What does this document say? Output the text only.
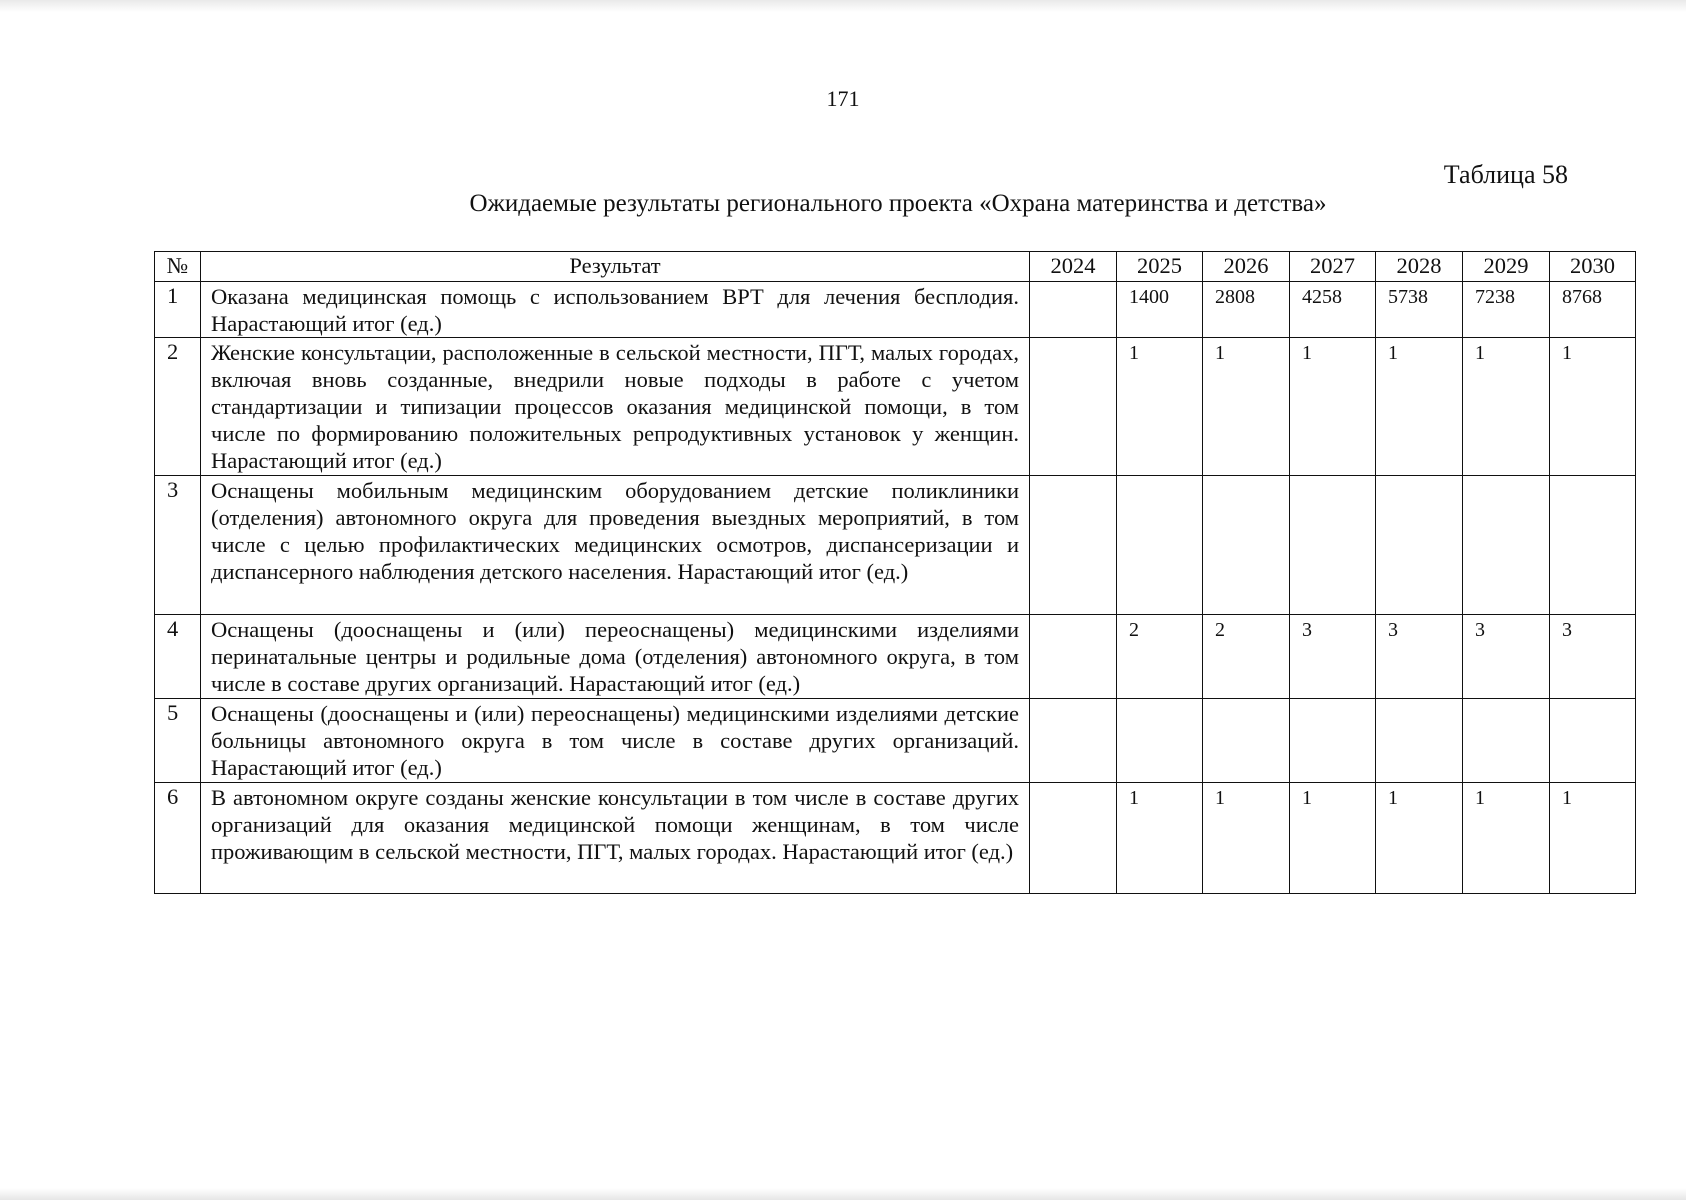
171
Таблица 58
Ожидаемые результаты регионального проекта «Охрана материнства и детства»
№	Результат	2024	2025	2026	2027	2028	2029	2030
1	Оказана медицинская помощь с использованием ВРТ для лечения бесплодия. Нарастающий итог (ед.)		1400	2808	4258	5738	7238	8768
2	Женские консультации, расположенные в сельской местности, ПГТ, малых городах, включая вновь созданные, внедрили новые подходы в работе с учетом стандартизации и типизации процессов оказания медицинской помощи, в том числе по формированию положительных репродуктивных установок у женщин. Нарастающий итог (ед.)		1	1	1	1	1	1
3	Оснащены мобильным медицинским оборудованием детские поликлиники (отделения) автономного округа для проведения выездных мероприятий, в том числе с целью профилактических медицинских осмотров, диспансеризации и диспансерного наблюдения детского населения. Нарастающий итог (ед.)							
4	Оснащены (дооснащены и (или) переоснащены) медицинскими изделиями перинатальные центры и родильные дома (отделения) автономного округа, в том числе в составе других организаций. Нарастающий итог (ед.)		2	2	3	3	3	3
5	Оснащены (дооснащены и (или) переоснащены) медицинскими изделиями детские больницы автономного округа в том числе в составе других организаций. Нарастающий итог (ед.)							
6	В автономном округе созданы женские консультации в том числе в составе других организаций для оказания медицинской помощи женщинам, в том числе проживающим в сельской местности, ПГТ, малых городах. Нарастающий итог (ед.)		1	1	1	1	1	1
